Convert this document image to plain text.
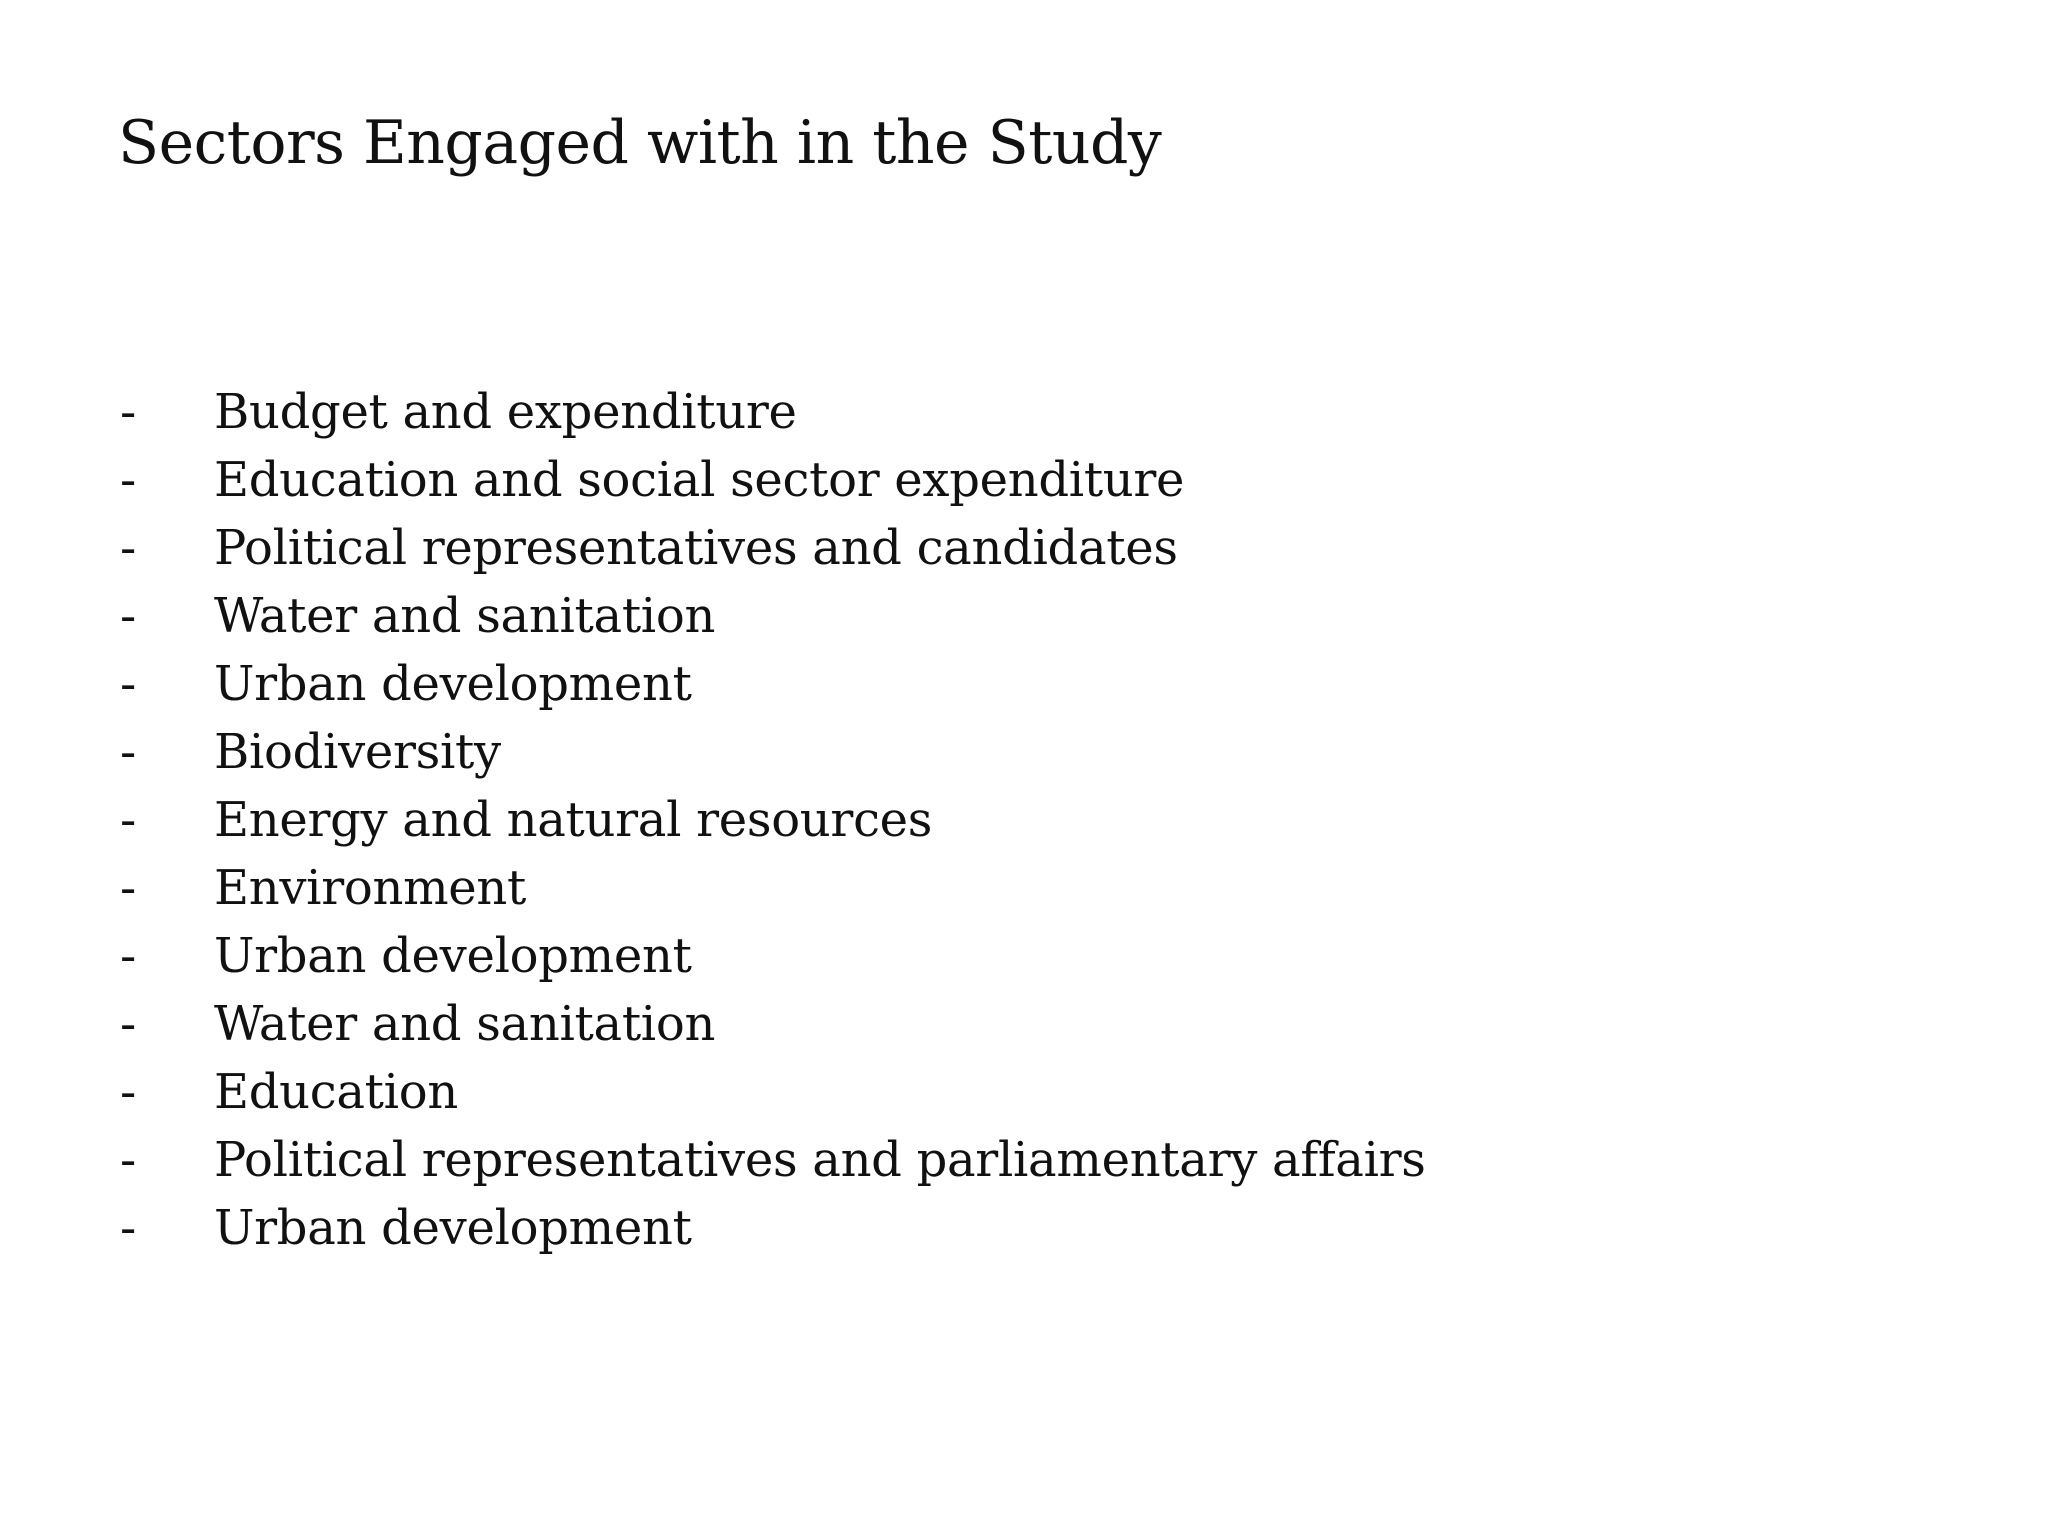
Sectors Engaged with in the Study
-	Budget and expenditure
-	Education and social sector expenditure
-	Political representatives and candidates
-	Water and sanitation
-	Urban development
-	Biodiversity
-	Energy and natural resources
-	Environment
-	Urban development
-	Water and sanitation
-	Education
-	Political representatives and parliamentary affairs
-	Urban development
